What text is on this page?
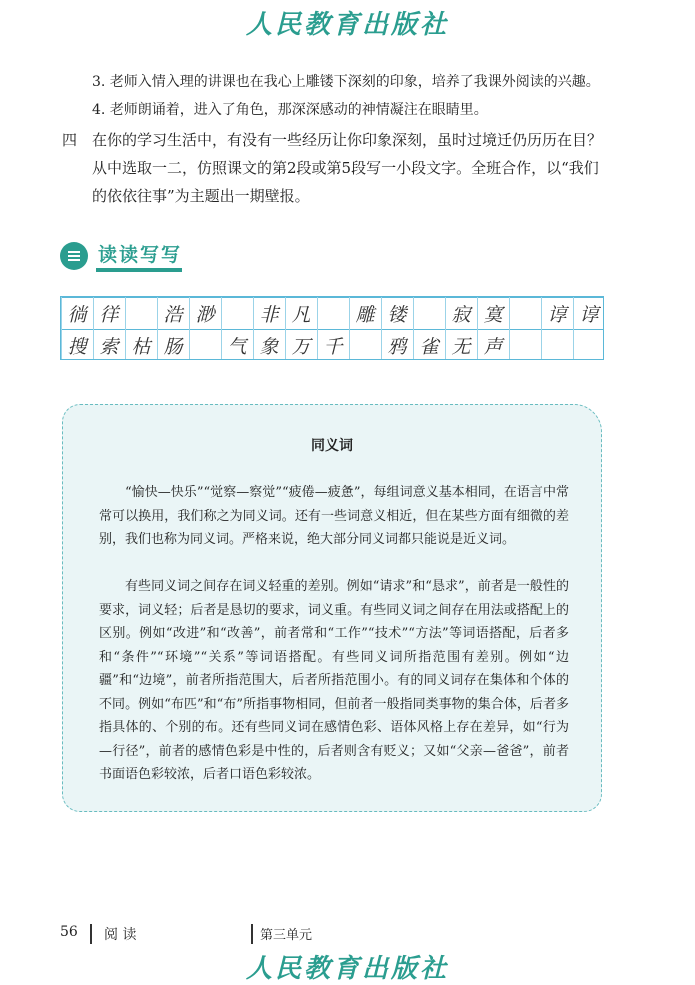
人民教育出版社
3. 老师入情入理的讲课也在我心上雕镂下深刻的印象，培养了我课外阅读的兴趣。
4. 老师朗诵着，进入了角色，那深深感动的神情凝注在眼睛里。
四 在你的学习生活中，有没有一些经历让你印象深刻，虽时过境迁仍历历在目？从中选取一二，仿照课文的第2段或第5段写一小段文字。全班合作，以“我们的依依往事”为主题出一期壁报。
读读写写
徜 徉	浩 渺	非 凡	雕 镂	寂 寞	谆 谆
搜 索 枯 肠	气 象 万 千	鸦 雀 无 声
同义词
“愉快—快乐”“觉察—察觉”“疲倦—疲惫”，每组词意义基本相同，在语言中常常可以换用，我们称之为同义词。还有一些词意义相近，但在某些方面有细微的差别，我们也称为同义词。严格来说，绝大部分同义词都只能说是近义词。
有些同义词之间存在词义轻重的差别。例如“请求”和“恳求”，前者是一般性的要求，词义轻；后者是恳切的要求，词义重。有些同义词之间存在用法或搭配上的区别。例如“改进”和“改善”，前者常和“工作”“技术”“方法”等词语搭配，后者多和“条件”“环境”“关系”等词语搭配。有些同义词所指范围有差别。例如“边疆”和“边境”，前者所指范围大，后者所指范围小。有的同义词存在集体和个体的不同。例如“布匹”和“布”所指事物相同，但前者一般指同类事物的集合体，后者多指具体的、个别的布。还有些同义词在感情色彩、语体风格上存在差异，如“行为—行径”，前者的感情色彩是中性的，后者则含有贬义；又如“父亲—爸爸”，前者书面语色彩较浓，后者口语色彩较浓。
56 阅 读	第三单元
人民教育出版社
